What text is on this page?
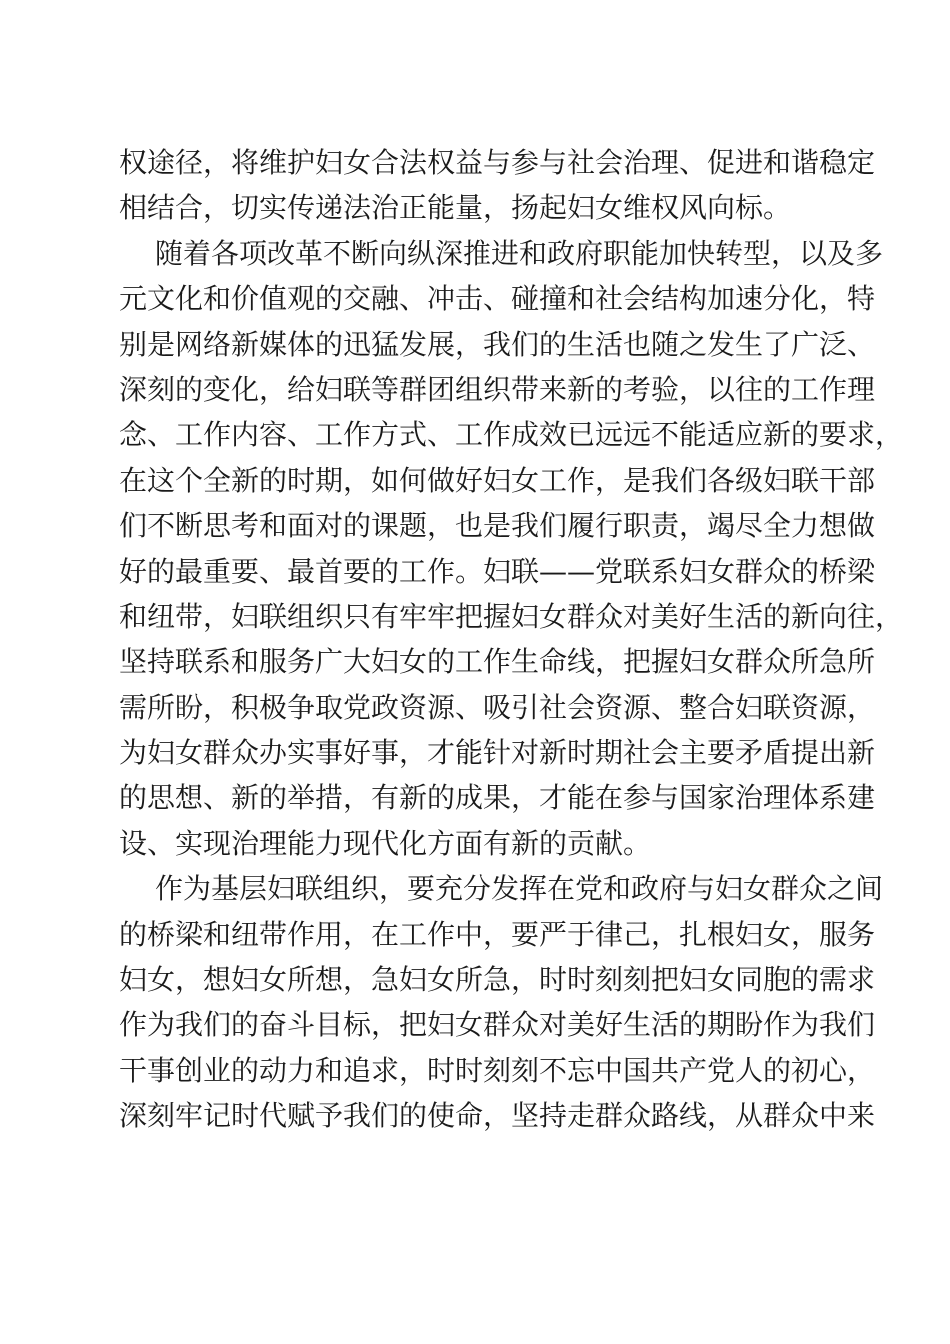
权途径，将维护妇女合法权益与参与社会治理、促进和谐稳定
相结合，切实传递法治正能量，扬起妇女维权风向标。
随着各项改革不断向纵深推进和政府职能加快转型，以及多
元文化和价值观的交融、冲击、碰撞和社会结构加速分化，特
别是网络新媒体的迅猛发展，我们的生活也随之发生了广泛、
深刻的变化，给妇联等群团组织带来新的考验，以往的工作理
念、工作内容、工作方式、工作成效已远远不能适应新的要求，
在这个全新的时期，如何做好妇女工作，是我们各级妇联干部
们不断思考和面对的课题，也是我们履行职责，竭尽全力想做
好的最重要、最首要的工作。妇联——党联系妇女群众的桥梁
和纽带，妇联组织只有牢牢把握妇女群众对美好生活的新向往，
坚持联系和服务广大妇女的工作生命线，把握妇女群众所急所
需所盼，积极争取党政资源、吸引社会资源、整合妇联资源，
为妇女群众办实事好事，才能针对新时期社会主要矛盾提出新
的思想、新的举措，有新的成果，才能在参与国家治理体系建
设、实现治理能力现代化方面有新的贡献。
作为基层妇联组织，要充分发挥在党和政府与妇女群众之间
的桥梁和纽带作用，在工作中，要严于律己，扎根妇女，服务
妇女，想妇女所想，急妇女所急，时时刻刻把妇女同胞的需求
作为我们的奋斗目标，把妇女群众对美好生活的期盼作为我们
干事创业的动力和追求，时时刻刻不忘中国共产党人的初心，
深刻牢记时代赋予我们的使命，坚持走群众路线，从群众中来
